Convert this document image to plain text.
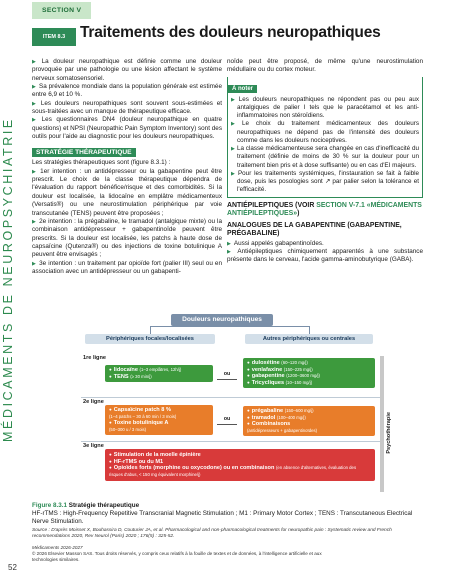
MÉDICAMENTS DE NEUROPSYCHIATRIE
52
SECTION V
ITEM 8.3 Traitements des douleurs neuropathiques

▶ La douleur neuropathique est définie comme une douleur provoquée par une pathologie ou une lésion affectant le système nerveux somatosensoriel.

▶ Sa prévalence mondiale dans la population générale est estimée entre 6,9 et 10 %.

▶ Les douleurs neuropathiques sont souvent sous-estimées et sous-traitées avec un manque de thérapeutique efficace.

▶ Les questionnaires DN4 (douleur neuropathique en quatre questions) et NPSI (Neuropathic Pain Symptom Inventory) sont des outils pour l'aide au diagnostic pour les douleurs neuropathiques.

STRATÉGIE THÉRAPEUTIQUE

Les stratégies thérapeutiques sont (figure 8.3.1) :

▶ 1er intention : un antidépresseur ou la gabapentine peut être prescrit. Le choix de la classe thérapeutique dépendra de l'évaluation du rapport bénéfice/risque et des comorbidités. Si la douleur est localisée, la lidocaïne en emplâtre médicamenteux (Versatis®) ou une neurostimulation périphérique par voie transcutanée (TENS) peuvent être proposées ;

▶ 2e intention : la prégabaline, le tramadol (antalgique mixte) ou la combinaison antidépresseur + gabapentinoïde peuvent être prescrits. Si la douleur est localisée, les patchs à haute dose de capsaïcine (Qutenza®) ou des injections de toxine botulinique A peuvent être envisagés ;

▶ 3e intention : un traitement par opioïde fort (palier III) seul ou en association avec un antidépresseur ou un gabapenti-

noïde peut être proposé, de même qu'une neurostimulation médullaire ou du cortex moteur.

À noter
▶ Les douleurs neuropathiques ne répondent pas ou peu aux antalgiques de palier I tels que le paracétamol et les anti-inflammatoires non stéroïdiens.
▶ Le choix du traitement médicamenteux des douleurs neuropathiques ne dépend pas de l'intensité des douleurs comme dans les douleurs nociceptives.
▶ La classe médicamenteuse sera changée en cas d'inefficacité du traitement (définie de moins de 30 % sur la douleur pour un traitement bien pris et à dose suffisante) ou en cas d'EI majeurs.
▶ Pour les traitements systémiques, l'instauration se fait à faible dose, puis les posologies sont ↗ par palier selon la tolérance et l'efficacité.
ANTIÉPILEPTIQUES (VOIR SECTION V-7.1 «MÉDICAMENTS ANTIÉPILEPTIQUES»)
ANALOGUES DE LA GABAPENTINE (GABAPENTINE, PRÉGABALINE)

▶ Aussi appelés gabapentinoïdes.

▶ Antiépileptiques chimiquement apparentés à une substance présente dans le cerveau, l'acide gamma-aminobutyrique (GABA).

Douleurs neuropathiques
Périphériques focales/localisées	Autres périphériques ou centrales
1re ligne
2e ligne
3e ligne
● lidocaïne (1–3 emplâtres, 12h/j)
● TENS (≥ 30 min/j)	ou
● duloxétine (60–120 mg/j)
● venlafaxine (150–225 mg/j)
● gabapentine (1200–3600 mg/j)
● Tricycliques (10–150 mg/j)
● Capsaïcine patch 8 %
(1–4 patchs – 30 à 60 min / 3 mois)
● Toxine botulinique A
(50–300 u / 3 mois)
ou
● prégabaline (150–600 mg/j)
● tramadol (100–400 mg/j)
● Combinaisons
(antidépresseurs + gabapentinoïdes)
● Stimulation de la moelle épinière
● HF-rTMS ou du M1
● Opioïdes forts (morphine ou oxycodone) ou en combinaison (en absence d'alternatives, évaluation des risques d'abus, < 150 mg équivalent morphine/j)
Psychothérapie
Figure 8.3.1 Stratégie thérapeutique
HF-rTMS : High-Frequency Repetitive Transcranial Magnetic Stimulation ; M1 : Primary Motor Cortex ; TENS : Transcutaneous Electrical Nerve Stimulation.
Source : D'après Moisset X, Bouhassira D, Couturier JA, et al. Pharmacological and non-pharmacological treatments for neuropathic pain : Systematic review and French recommendations 2020, Rev Neurol (Paris) 2020 ; 176(5) : 325-52.
Médicaments 2026-2027
© 2026 Elsevier Masson SAS. Tous droits réservés, y compris ceux relatifs à la fouille de textes et de données, à l'intelligence artificielle et aux technologies similaires.
